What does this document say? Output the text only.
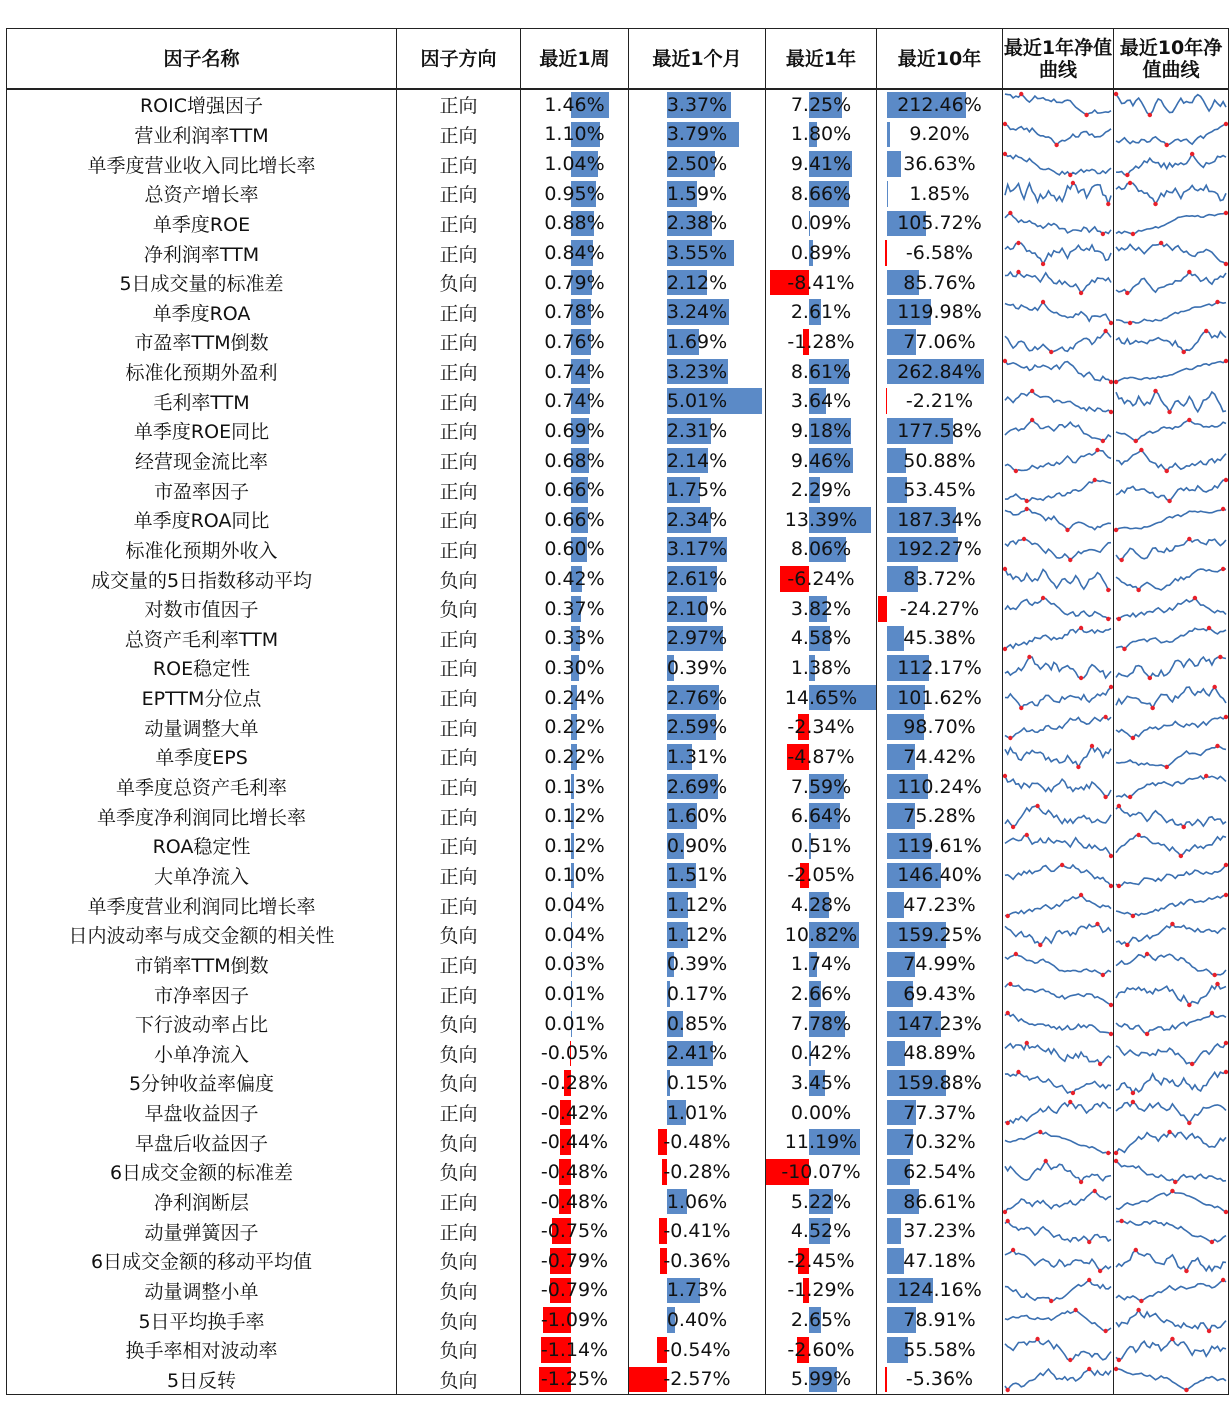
因子名称	因子方向	最近1周	最近1个月	最近1年	最近10年	最近1年净值曲线	最近10年净值曲线
ROIC增强因子	正向	1.46%	3.37%	7.25%	212.46%	

营业利润率TTM	正向	1.10%	3.79%	1.80%	9.20%	

单季度营业收入同比增长率	正向	1.04%	2.50%	9.41%	36.63%	

总资产增长率	正向	0.95%	1.59%	8.66%	1.85%	

单季度ROE	正向	0.88%	2.38%	0.09%	105.72%	

净利润率TTM	正向	0.84%	3.55%	0.89%	-6.58%	

5日成交量的标准差	负向	0.79%	2.12%	-8.41%	85.76%	

单季度ROA	正向	0.78%	3.24%	2.61%	119.98%	

市盈率TTM倒数	正向	0.76%	1.69%	-1.28%	77.06%	

标准化预期外盈利	正向	0.74%	3.23%	8.61%	262.84%	

毛利率TTM	正向	0.74%	5.01%	3.64%	-2.21%	

单季度ROE同比	正向	0.69%	2.31%	9.18%	177.58%	

经营现金流比率	正向	0.68%	2.14%	9.46%	50.88%	

市盈率因子	正向	0.66%	1.75%	2.29%	53.45%	

单季度ROA同比	正向	0.66%	2.34%	13.39%	187.34%	

标准化预期外收入	正向	0.60%	3.17%	8.06%	192.27%	

成交量的5日指数移动平均	负向	0.42%	2.61%	-6.24%	83.72%	

对数市值因子	负向	0.37%	2.10%	3.82%	-24.27%	

总资产毛利率TTM	正向	0.33%	2.97%	4.58%	45.38%	

ROE稳定性	正向	0.30%	0.39%	1.38%	112.17%	

EPTTM分位点	正向	0.24%	2.76%	14.65%	101.62%	

动量调整大单	正向	0.22%	2.59%	-2.34%	98.70%	

单季度EPS	正向	0.22%	1.31%	-4.87%	74.42%	

单季度总资产毛利率	正向	0.13%	2.69%	7.59%	110.24%	

单季度净利润同比增长率	正向	0.12%	1.60%	6.64%	75.28%	

ROA稳定性	正向	0.12%	0.90%	0.51%	119.61%	

大单净流入	正向	0.10%	1.51%	-2.05%	146.40%	

单季度营业利润同比增长率	正向	0.04%	1.12%	4.28%	47.23%	

日内波动率与成交金额的相关性	负向	0.04%	1.12%	10.82%	159.25%	

市销率TTM倒数	正向	0.03%	0.39%	1.74%	74.99%	

市净率因子	正向	0.01%	0.17%	2.66%	69.43%	

下行波动率占比	负向	0.01%	0.85%	7.78%	147.23%	

小单净流入	负向	-0.05%	2.41%	0.42%	48.89%	

5分钟收益率偏度	负向	-0.28%	0.15%	3.45%	159.88%	

早盘收益因子	正向	-0.42%	1.01%	0.00%	77.37%	

早盘后收益因子	负向	-0.44%	-0.48%	11.19%	70.32%	

6日成交金额的标准差	负向	-0.48%	-0.28%	-10.07%	62.54%	

净利润断层	正向	-0.48%	1.06%	5.22%	86.61%	

动量弹簧因子	正向	-0.75%	-0.41%	4.52%	37.23%	

6日成交金额的移动平均值	负向	-0.79%	-0.36%	-2.45%	47.18%	

动量调整小单	负向	-0.79%	1.73%	-1.29%	124.16%	

5日平均换手率	负向	-1.09%	0.40%	2.65%	78.91%	

换手率相对波动率	负向	-1.14%	-0.54%	-2.60%	55.58%	

5日反转	负向	-1.25%	-2.57%	5.99%	-5.36%	
